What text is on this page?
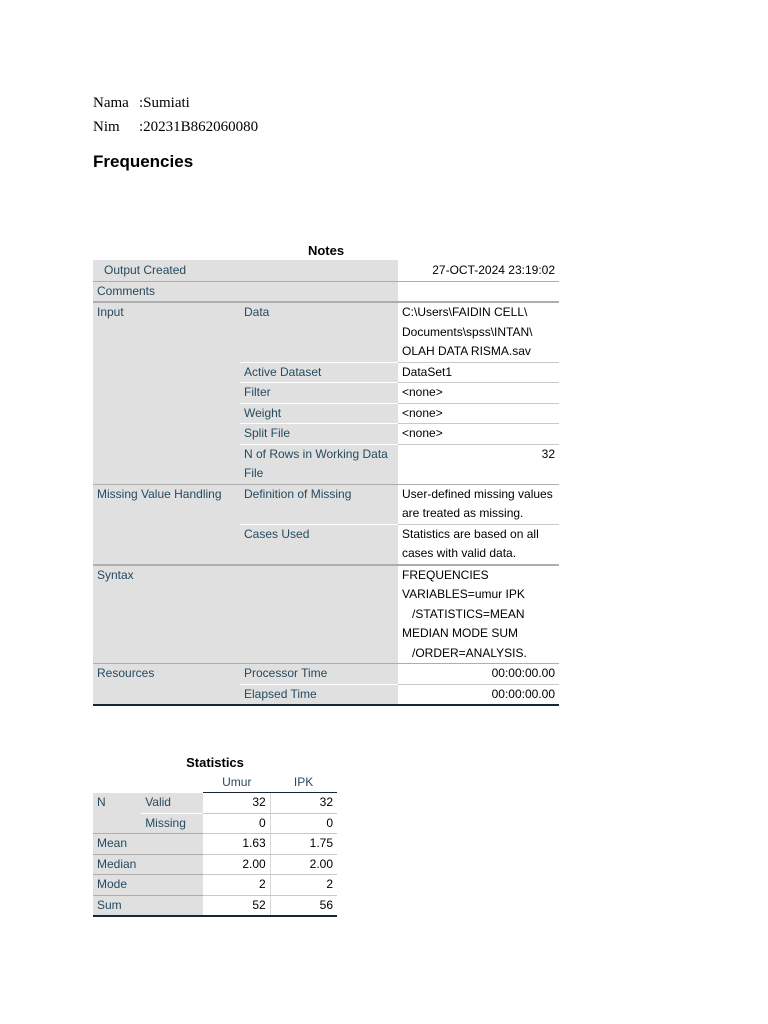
Nama :Sumiati
Nim :20231B862060080
Frequencies
Notes
Output Created		27-OCT-2024 23:19:02
Comments		
Input	Data	C:\Users\FAIDIN CELL\ Documents\spss\INTAN\ OLAH DATA RISMA.sav
	Active Dataset	DataSet1
	Filter	<none>
	Weight	<none>
	Split File	<none>
	N of Rows in Working Data File	32
Missing Value Handling	Definition of Missing	User-defined missing values are treated as missing.
	Cases Used	Statistics are based on all cases with valid data.
Syntax		FREQUENCIES
VARIABLES=umur IPK
/STATISTICS=MEAN
MEDIAN MODE SUM
/ORDER=ANALYSIS.

Resources	Processor Time	00:00:00.00
	Elapsed Time	00:00:00.00
Statistics
		Umur	IPK
N	Valid	32	32
	Missing	0	0
Mean		1.63	1.75
Median		2.00	2.00
Mode		2	2
Sum		52	56
